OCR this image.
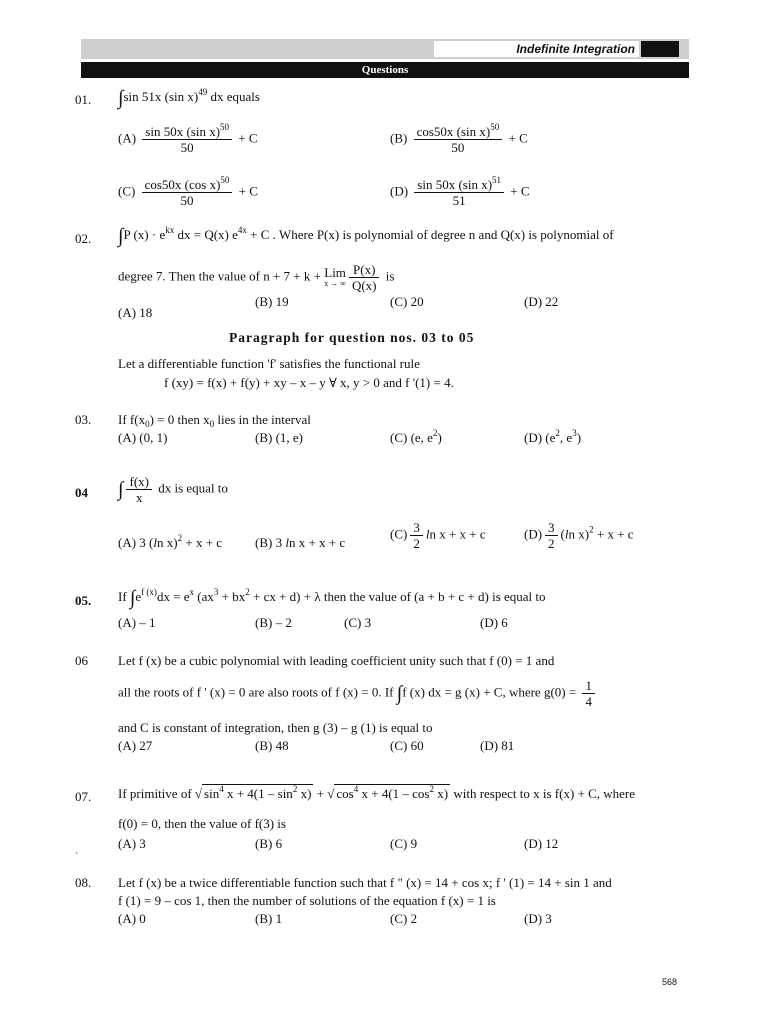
Indefinite Integration
Questions
01. ∫sin 51x (sin x)$^{49}$ dx equals
$(A) \frac{\sin 50x (\sin x)^{50}}{50} + C$	$(B) \frac{\cos 50x (\sin x)^{50}}{50} + C$
$(C) \frac{\cos 50x (\cos x)^{50}}{50} + C$	$(D) \frac{\sin 50x (\sin x)^{51}}{51} + C$
02. ∫P $(x) \cdot e^{kx}$ dx = Q(x) $e^{4x} + C$ . Where P(x) is polynomial of degree n and Q(x) is polynomial of
degree 7. Then the value of n + 7 + k + Lim
x → ∞ $\frac{P(x)}{Q(x)}$ is
(A) 18
(B) 19	(C) 20	(D) 22
Paragraph for question nos. 03 to 05
Let a differentiable function 'f' satisfies the functional rule
f (xy) = f(x) + f(y) + xy – x – y ∀ x, y > 0 and f '(1) = 4.
03. If $f(x_0) = 0$ then $x_0$ lies in the interval
(A) (0, 1)	(B) (1, e)	(C) (e, $e^2$)	(D) ($e^2$, $e^3$)
04 ∫ $\frac{f(x)}{x}$ dx is equal to
(A) 3 (ln x)$^2$ + x + c	(B) 3 ln x + x + c
$(C) \frac{3}{2}$ ln x + x + c	$(D) \frac{3}{2} (\ln$ x)$^2$ + x + c
05. If $\int e^{f (x)}dx = e^x$ ($ax^3 + bx^2$ + cx + d) + λ then the value of (a + b + c + d) is equal to
(A) – 1	(B) – 2	(C) 3	(D) 6
06 Let f (x) be a cubic polynomial with leading coefficient unity such that f (0) = 1 and
all the roots of f ' (x) = 0 are also roots of f (x) = 0. If ∫f (x) dx = g (x) + C, where $g(0) = \frac{1}{4}$
and C is constant of integration, then g (3) – g (1) is equal to
(A) 27	(B) 48	(C) 60	(D) 81
07. If primitive of √ $\sin^4 x + 4(1 - \sin^2 x)$ + √ $\cos^4 x + 4(1 - \cos^2 x)$ with respect to x is f(x) + C, where
f(0) = 0, then the value of f(3) is
(A) 3	(B) 6	(C) 9	(D) 12
`
08. Let f (x) be a twice differentiable function such that f " (x) = 14 + cos x; f ' (1) = 14 + sin 1 and
f (1) = 9 – cos 1, then the number of solutions of the equation f (x) = 1 is
(A) 0	(B) 1	(C) 2	(D) 3
568
